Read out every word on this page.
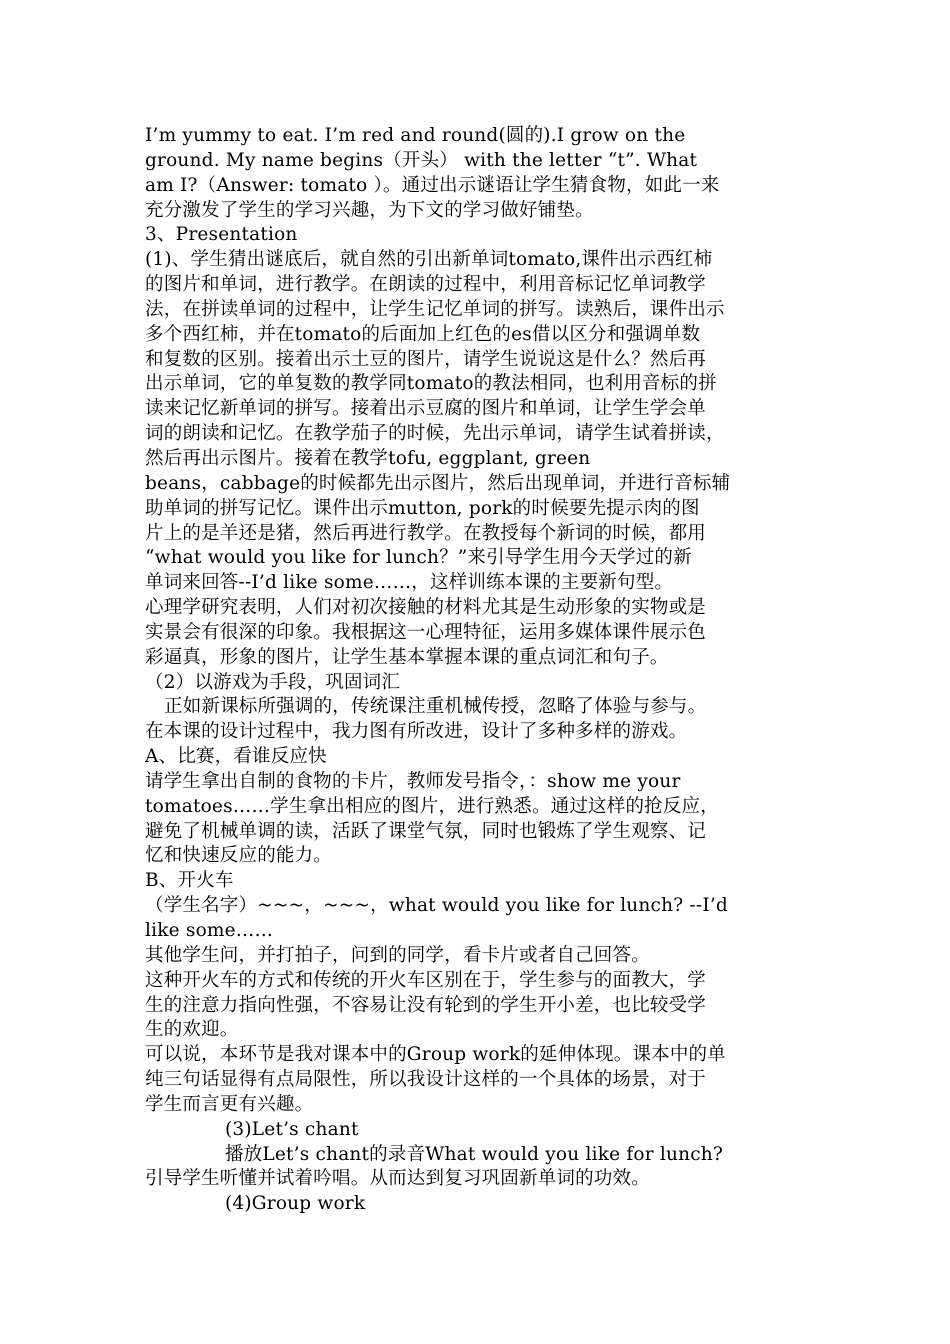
I’m yummy to eat. I’m red and round(圆的).I grow on the
ground. My name begins（开头） with the letter “t”. What
am I?（Answer: tomato ）。通过出示谜语让学生猜食物，如此一来
充分激发了学生的学习兴趣，为下文的学习做好铺垫。
3、Presentation
(1)、学生猜出谜底后，就自然的引出新单词tomato,课件出示西红柿
的图片和单词，进行教学。在朗读的过程中，利用音标记忆单词教学
法，在拼读单词的过程中，让学生记忆单词的拼写。读熟后，课件出示
多个西红柿，并在tomato的后面加上红色的es借以区分和强调单数
和复数的区别。接着出示土豆的图片，请学生说说这是什么？然后再
出示单词，它的单复数的教学同tomato的教法相同，也利用音标的拼
读来记忆新单词的拼写。接着出示豆腐的图片和单词，让学生学会单
词的朗读和记忆。在教学茄子的时候，先出示单词，请学生试着拼读，
然后再出示图片。接着在教学tofu, eggplant, green
beans，cabbage的时候都先出示图片，然后出现单词，并进行音标辅
助单词的拼写记忆。课件出示mutton, pork的时候要先提示肉的图
片上的是羊还是猪，然后再进行教学。在教授每个新词的时候，都用
“what would you like for lunch？”来引导学生用今天学过的新
单词来回答--I’d like some……，这样训练本课的主要新句型。
心理学研究表明，人们对初次接触的材料尤其是生动形象的实物或是
实景会有很深的印象。我根据这一心理特征，运用多媒体课件展示色
彩逼真，形象的图片，让学生基本掌握本课的重点词汇和句子。
（2）以游戏为手段，巩固词汇
正如新课标所强调的，传统课注重机械传授，忽略了体验与参与。
在本课的设计过程中，我力图有所改进，设计了多种多样的游戏。
A、比赛，看谁反应快
请学生拿出自制的食物的卡片，教师发号指令，：show me your
tomatoes……学生拿出相应的图片，进行熟悉。通过这样的抢反应，
避免了机械单调的读，活跃了课堂气氛，同时也锻炼了学生观察、记
忆和快速反应的能力。
B、开火车
（学生名字）~~~，~~~，what would you like for lunch? --I’d
like some……
其他学生问，并打拍子，问到的同学，看卡片或者自己回答。
这种开火车的方式和传统的开火车区别在于，学生参与的面教大，学
生的注意力指向性强，不容易让没有轮到的学生开小差，也比较受学
生的欢迎。
可以说，本环节是我对课本中的Group work的延伸体现。课本中的单
纯三句话显得有点局限性，所以我设计这样的一个具体的场景，对于
学生而言更有兴趣。
(3)Let’s chant
播放Let’s chant的录音What would you like for lunch?
引导学生听懂并试着吟唱。从而达到复习巩固新单词的功效。
(4)Group work
